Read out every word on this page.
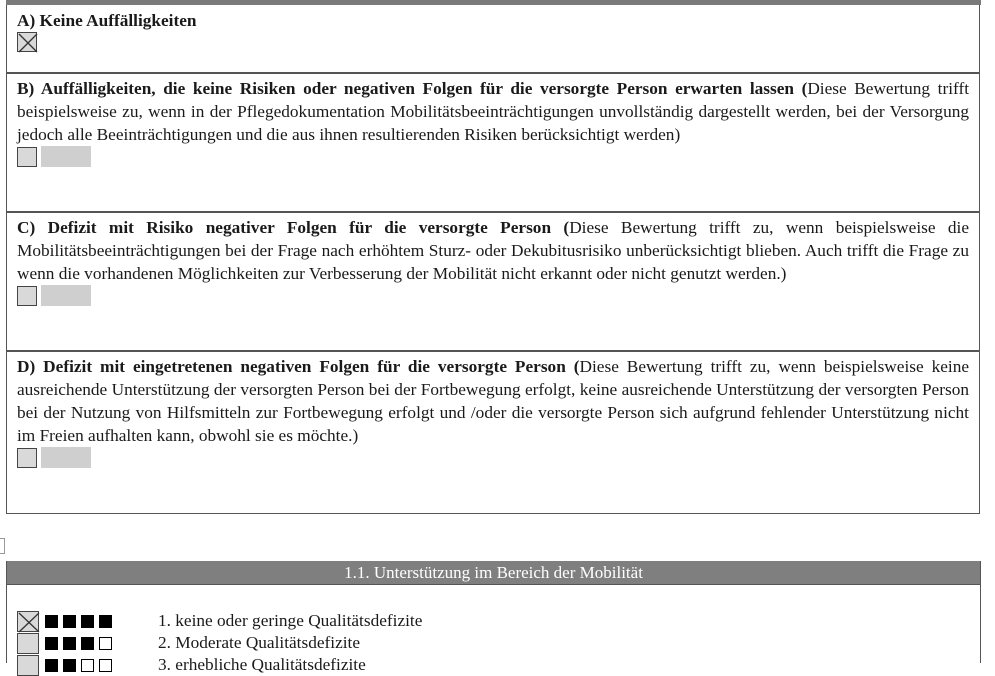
A) Keine Auffälligkeiten
B) Auffälligkeiten, die keine Risiken oder negativen Folgen für die versorgte Person erwarten lassen (Diese Bewertung trifft beispielsweise zu, wenn in der Pflegedokumentation Mobilitätsbeeinträchtigungen unvollständig dargestellt werden, bei der Versorgung jedoch alle Beeinträchtigungen und die aus ihnen resultierenden Risiken berücksichtigt werden)
C) Defizit mit Risiko negativer Folgen für die versorgte Person (Diese Bewertung trifft zu, wenn beispielsweise die Mobilitätsbeeinträchtigungen bei der Frage nach erhöhtem Sturz- oder Dekubitusrisiko unberücksichtigt blieben. Auch trifft die Frage zu wenn die vorhandenen Möglichkeiten zur Verbesserung der Mobilität nicht erkannt oder nicht genutzt werden.)
D) Defizit mit eingetretenen negativen Folgen für die versorgte Person (Diese Bewertung trifft zu, wenn beispielsweise keine ausreichende Unterstützung der versorgten Person bei der Fortbewegung erfolgt, keine ausreichende Unterstützung der versorgten Person bei der Nutzung von Hilfsmitteln zur Fortbewegung erfolgt und /oder die versorgte Person sich aufgrund fehlender Unterstützung nicht im Freien aufhalten kann, obwohl sie es möchte.)
1.1. Unterstützung im Bereich der Mobilität
1. keine oder geringe Qualitätsdefizite
2. Moderate Qualitätsdefizite
3. erhebliche Qualitätsdefizite
